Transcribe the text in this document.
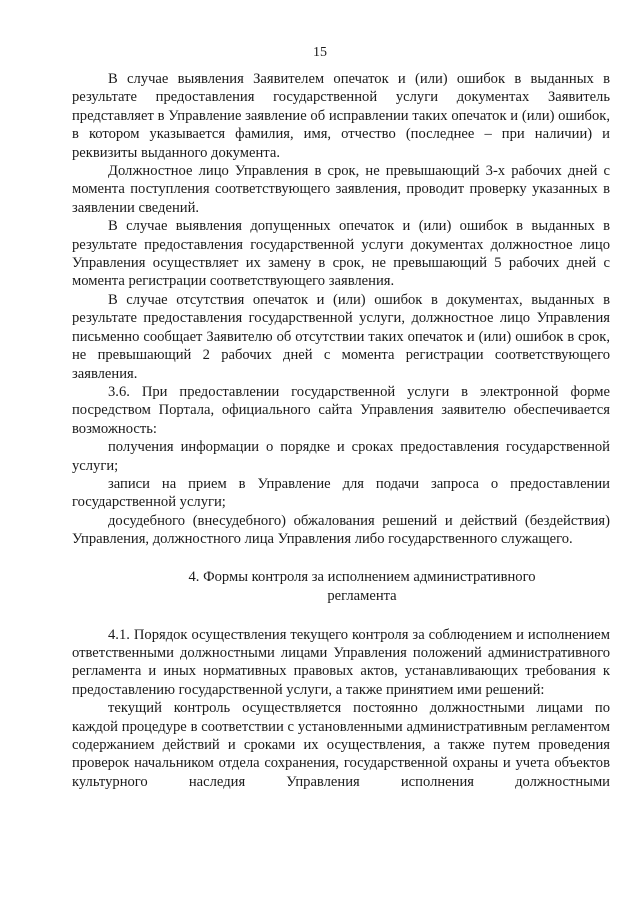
15

В случае выявления Заявителем опечаток и (или) ошибок в выданных в результате предоставления государственной услуги документах Заявитель представляет в Управление заявление об исправлении таких опечаток и (или) ошибок, в котором указывается фамилия, имя, отчество (последнее – при наличии) и реквизиты выданного документа.

Должностное лицо Управления в срок, не превышающий 3-х рабочих дней с момента поступления соответствующего заявления, проводит проверку указанных в заявлении сведений.

В случае выявления допущенных опечаток и (или) ошибок в выданных в результате предоставления государственной услуги документах должностное лицо Управления осуществляет их замену в срок, не превышающий 5 рабочих дней с момента регистрации соответствующего заявления.

В случае отсутствия опечаток и (или) ошибок в документах, выданных в результате предоставления государственной услуги, должностное лицо Управления письменно сообщает Заявителю об отсутствии таких опечаток и (или) ошибок в срок, не превышающий 2 рабочих дней с момента регистрации соответствующего заявления.

3.6. При предоставлении государственной услуги в электронной форме посредством Портала, официального сайта Управления заявителю обеспечивается возможность:

получения информации о порядке и сроках предоставления государственной услуги;

записи на прием в Управление для подачи запроса о предоставлении государственной услуги;

досудебного (внесудебного) обжалования решений и действий (бездействия) Управления, должностного лица Управления либо государственного служащего.

4. Формы контроля за исполнением административного

регламента

4.1. Порядок осуществления текущего контроля за соблюдением и исполнением ответственными должностными лицами Управления положений административного регламента и иных нормативных правовых актов, устанавливающих требования к предоставлению государственной услуги, а также принятием ими решений:

текущий контроль осуществляется постоянно должностными лицами по каждой процедуре в соответствии с установленными административным регламентом содержанием действий и сроками их осуществления, а также путем проведения проверок начальником отдела сохранения, государственной охраны и учета объектов культурного наследия Управления исполнения должностными
